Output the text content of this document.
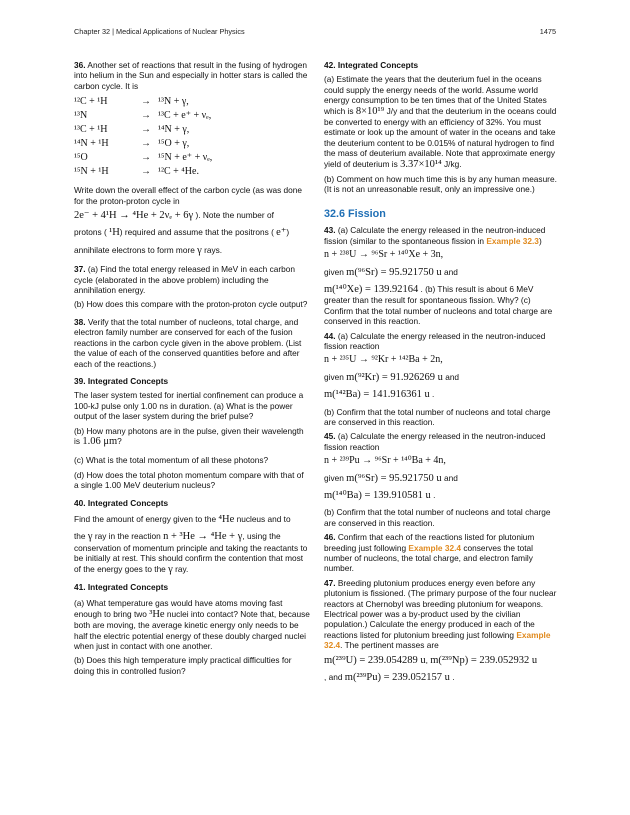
Chapter 32 | Medical Applications of Nuclear Physics	1475

36. Another set of reactions that result in the fusing of hydrogen into helium in the Sun and especially in hotter stars is called the carbon cycle. It is

¹²C + ¹H	→ ¹³N + γ,
¹³N	→ ¹³C + e⁺ + νₑ,
¹³C + ¹H	→ ¹⁴N + γ,
¹⁴N + ¹H	→ ¹⁵O + γ,
¹⁵O	→ ¹⁵N + e⁺ + νₑ,
¹⁵N + ¹H	→ ¹²C + ⁴He.

Write down the overall effect of the carbon cycle (as was done for the proton-proton cycle in

2e⁻ + 4¹H → ⁴He + 2νₑ + 6γ ). Note the number of

protons ( ¹H) required and assume that the positrons ( e⁺)

annihilate electrons to form more γ rays.

37. (a) Find the total energy released in MeV in each carbon cycle (elaborated in the above problem) including the annihilation energy.

(b) How does this compare with the proton-proton cycle output?

38. Verify that the total number of nucleons, total charge, and electron family number are conserved for each of the fusion reactions in the carbon cycle given in the above problem. (List the value of each of the conserved quantities before and after each of the reactions.)

39. Integrated Concepts

The laser system tested for inertial confinement can produce a 100-kJ pulse only 1.00 ns in duration. (a) What is the power output of the laser system during the brief pulse?

(b) How many photons are in the pulse, given their wavelength is 1.06 μm?

(c) What is the total momentum of all these photons?

(d) How does the total photon momentum compare with that of a single 1.00 MeV deuterium nucleus?

40. Integrated Concepts

Find the amount of energy given to the ⁴He nucleus and to

the γ ray in the reaction n + ³He → ⁴He + γ, using the conservation of momentum principle and taking the reactants to be initially at rest. This should confirm the contention that most of the energy goes to the γ ray.

41. Integrated Concepts

(a) What temperature gas would have atoms moving fast enough to bring two ³He nuclei into contact? Note that, because both are moving, the average kinetic energy only needs to be half the electric potential energy of these doubly charged nuclei when just in contact with one another.

(b) Does this high temperature imply practical difficulties for doing this in controlled fusion?

42. Integrated Concepts

(a) Estimate the years that the deuterium fuel in the oceans could supply the energy needs of the world. Assume world energy consumption to be ten times that of the United States which is 8×10¹⁹ J/y and that the deuterium in the oceans could be converted to energy with an efficiency of 32%. You must estimate or look up the amount of water in the oceans and take the deuterium content to be 0.015% of natural hydrogen to find the mass of deuterium available. Note that approximate energy yield of deuterium is 3.37×10¹⁴ J/kg.

(b) Comment on how much time this is by any human measure. (It is not an unreasonable result, only an impressive one.)

32.6 Fission

43. (a) Calculate the energy released in the neutron-induced fission (similar to the spontaneous fission in Example 32.3)

n + ²³⁸U → ⁹⁶Sr + ¹⁴⁰Xe + 3n,

given m(⁹⁶Sr) = 95.921750 u and

m(¹⁴⁰Xe) = 139.92164 . (b) This result is about 6 MeV greater than the result for spontaneous fission. Why? (c) Confirm that the total number of nucleons and total charge are conserved in this reaction.

44. (a) Calculate the energy released in the neutron-induced fission reaction

n + ²³⁵U → ⁹²Kr + ¹⁴²Ba + 2n,

given m(⁹²Kr) = 91.926269 u and

m(¹⁴²Ba) = 141.916361 u .

(b) Confirm that the total number of nucleons and total charge are conserved in this reaction.

45. (a) Calculate the energy released in the neutron-induced fission reaction

n + ²³⁹Pu → ⁹⁶Sr + ¹⁴⁰Ba + 4n,

given m(⁹⁶Sr) = 95.921750 u and

m(¹⁴⁰Ba) = 139.910581 u .

(b) Confirm that the total number of nucleons and total charge are conserved in this reaction.

46. Confirm that each of the reactions listed for plutonium breeding just following Example 32.4 conserves the total number of nucleons, the total charge, and electron family number.

47. Breeding plutonium produces energy even before any plutonium is fissioned. (The primary purpose of the four nuclear reactors at Chernobyl was breeding plutonium for weapons. Electrical power was a by-product used by the civilian population.) Calculate the energy produced in each of the reactions listed for plutonium breeding just following Example 32.4. The pertinent masses are

m(²³⁹U) = 239.054289 u, m(²³⁹Np) = 239.052932 u

, and m(²³⁹Pu) = 239.052157 u .
